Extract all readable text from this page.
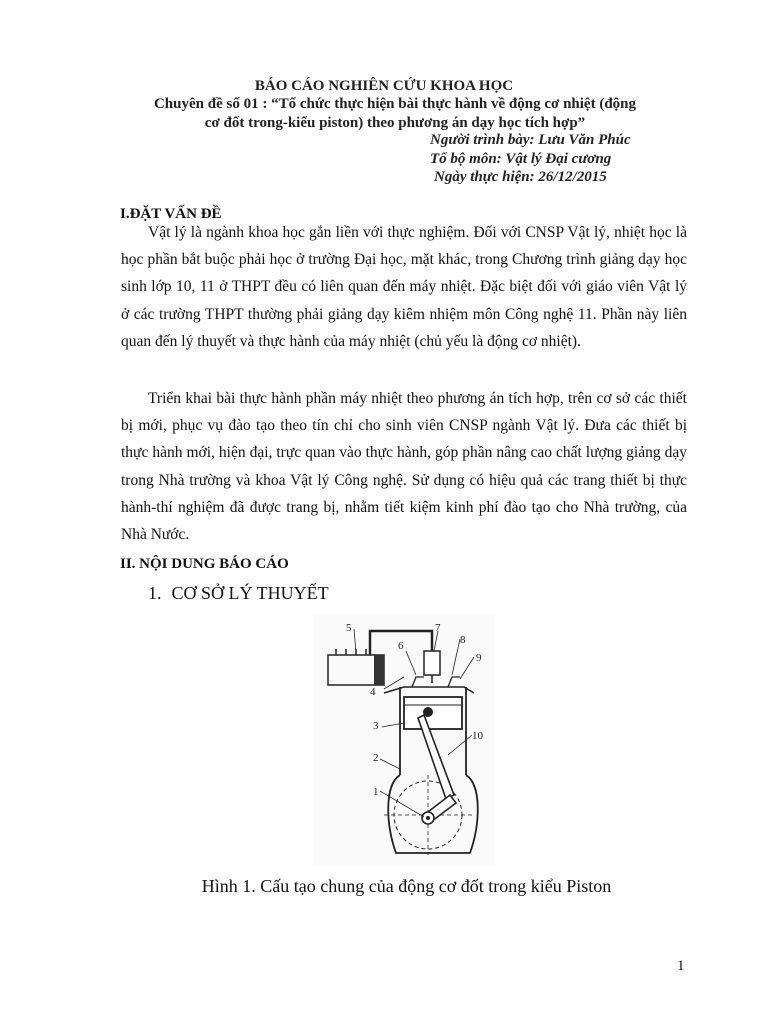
BÁO CÁO NGHIÊN CỨU KHOA HỌC
Chuyên đề số 01 : “Tổ chức thực hiện bài thực hành về động cơ nhiệt (động
cơ đốt trong-kiểu piston) theo phương án dạy học tích hợp”
Người trình bày: Lưu Văn Phúc
Tổ bộ môn: Vật lý Đại cương
Ngày thực hiện: 26/12/2015
I.ĐẶT VẤN ĐỀ

Vật lý là ngành khoa học gắn liền với thực nghiệm. Đối với CNSP Vật lý, nhiệt học là học phần bắt buộc phải học ở trường Đại học, mặt khác, trong Chương trình giảng dạy học sinh lớp 10, 11 ở THPT đều có liên quan đến máy nhiệt. Đặc biệt đối với giáo viên Vật lý ở các trường THPT thường phải giảng dạy kiêm nhiệm môn Công nghệ 11. Phần này liên quan đến lý thuyết và thực hành của máy nhiệt (chủ yếu là động cơ nhiệt).

Triển khai bài thực hành phần máy nhiệt theo phương án tích hợp, trên cơ sở các thiết bị mới, phục vụ đào tạo theo tín chỉ cho sinh viên CNSP ngành Vật lý. Đưa các thiết bị thực hành mới, hiện đại, trực quan vào thực hành, góp phần nâng cao chất lượng giảng dạy trong Nhà trường và khoa Vật lý Công nghệ. Sử dụng có hiệu quả các trang thiết bị thực hành-thí nghiệm đã được trang bị, nhằm tiết kiệm kinh phí đào tạo cho Nhà trường, của Nhà Nước.

II. NỘI DUNG BÁO CÁO
1. CƠ SỞ LÝ THUYẾT
1
2
3
4
5
6
7
8
9
10
Hình 1. Cấu tạo chung của động cơ đốt trong kiểu Piston
1
